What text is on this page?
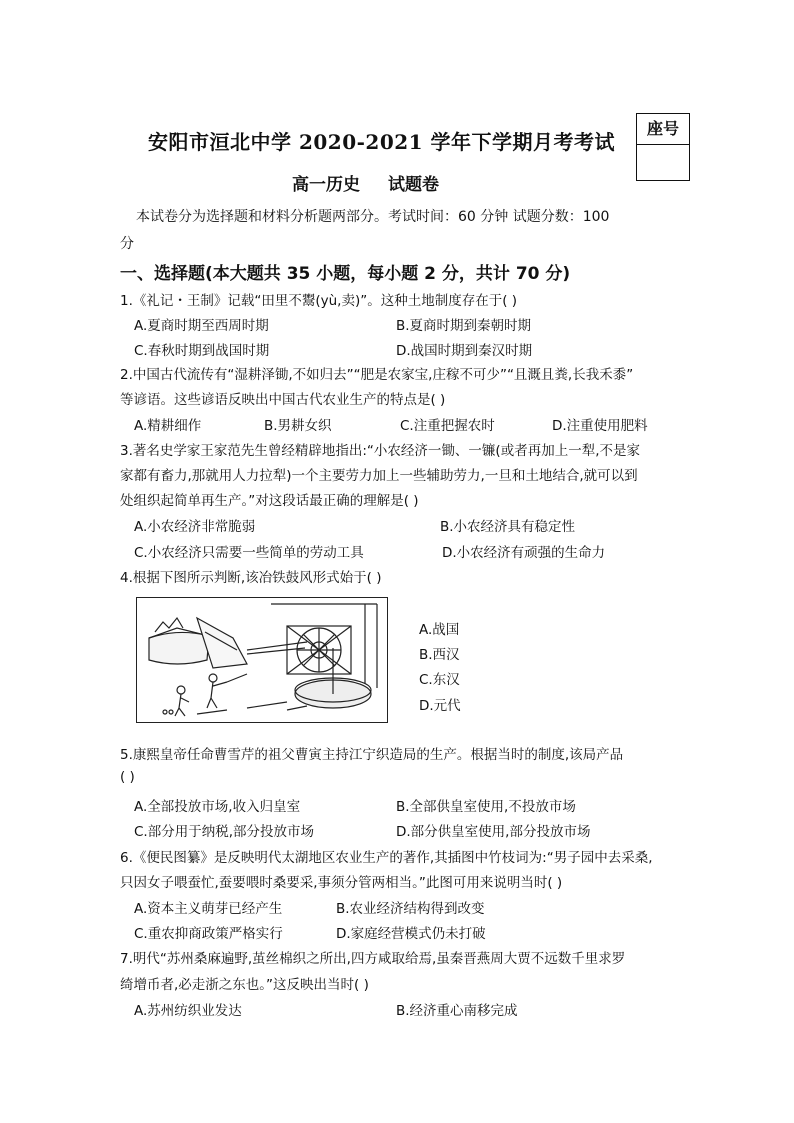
安阳市洹北中学 2020-2021 学年下学期月考考试
高一历史 试题卷
座号
本试卷分为选择题和材料分析题两部分。考试时间：60 分钟 试题分数：100
分
一、选择题(本大题共 35 小题，每小题 2 分，共计 70 分)
1.《礼记・王制》记载“田里不鬻(yù,卖)”。这种土地制度存在于( )
A.夏商时期至西周时期	B.夏商时期到秦朝时期
C.春秋时期到战国时期	D.战国时期到秦汉时期
2.中国古代流传有“湿耕泽锄,不如归去”“肥是农家宝,庄稼不可少”“且溉且粪,长我禾黍”
等谚语。这些谚语反映出中国古代农业生产的特点是( )
A.精耕细作	B.男耕女织	C.注重把握农时	D.注重使用肥料
3.著名史学家王家范先生曾经精辟地指出:“小农经济一锄、一镰(或者再加上一犁,不是家
家都有畜力,那就用人力拉犁)一个主要劳力加上一些辅助劳力,一旦和土地结合,就可以到
处组织起简单再生产。”对这段话最正确的理解是( )
A.小农经济非常脆弱	B.小农经济具有稳定性
C.小农经济只需要一些简单的劳动工具	D.小农经济有顽强的生命力
4.根据下图所示判断,该冶铁鼓风形式始于( )
A.战国
B.西汉
C.东汉
D.元代
5.康熙皇帝任命曹雪芹的祖父曹寅主持江宁织造局的生产。根据当时的制度,该局产品
( )
A.全部投放市场,收入归皇室	B.全部供皇室使用,不投放市场
C.部分用于纳税,部分投放市场	D.部分供皇室使用,部分投放市场
6.《便民图纂》是反映明代太湖地区农业生产的著作,其插图中竹枝词为:“男子园中去采桑,
只因女子喂蚕忙,蚕要喂时桑要采,事须分管两相当。”此图可用来说明当时( )
A.资本主义萌芽已经产生	B.农业经济结构得到改变
C.重农抑商政策严格实行	D.家庭经营模式仍未打破
7.明代“苏州桑麻遍野,茧丝棉织之所出,四方咸取给焉,虽秦晋燕周大贾不远数千里求罗
绮增币者,必走浙之东也。”这反映出当时( )
A.苏州纺织业发达	B.经济重心南移完成
